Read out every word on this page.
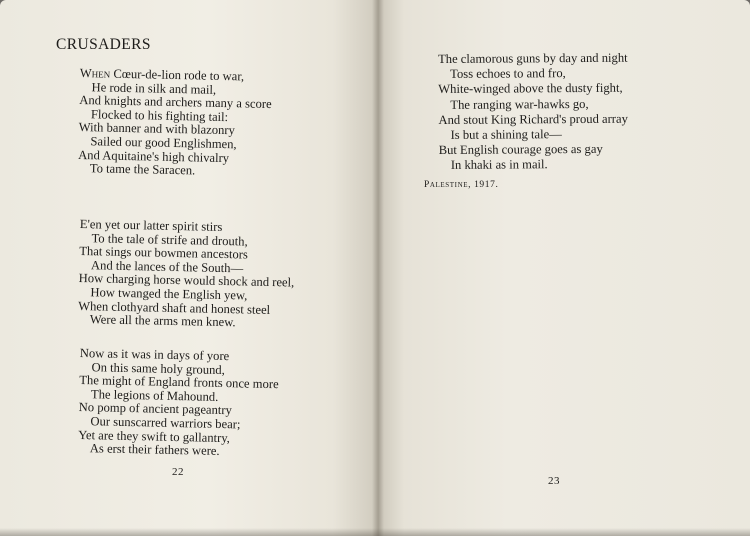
CRUSADERS
When Cœur-de-lion rode to war,
He rode in silk and mail,
And knights and archers many a score
Flocked to his fighting tail:
With banner and with blazonry
Sailed our good Englishmen,
And Aquitaine's high chivalry
To tame the Saracen.
E'en yet our latter spirit stirs
To the tale of strife and drouth,
That sings our bowmen ancestors
And the lances of the South—
How charging horse would shock and reel,
How twanged the English yew,
When clothyard shaft and honest steel
Were all the arms men knew.
Now as it was in days of yore
On this same holy ground,
The might of England fronts once more
The legions of Mahound.
No pomp of ancient pageantry
Our sunscarred warriors bear;
Yet are they swift to gallantry,
As erst their fathers were.
22
The clamorous guns by day and night
Toss echoes to and fro,
White-winged above the dusty fight,
The ranging war-hawks go,
And stout King Richard's proud array
Is but a shining tale—
But English courage goes as gay
In khaki as in mail.
Palestine, 1917.
23
